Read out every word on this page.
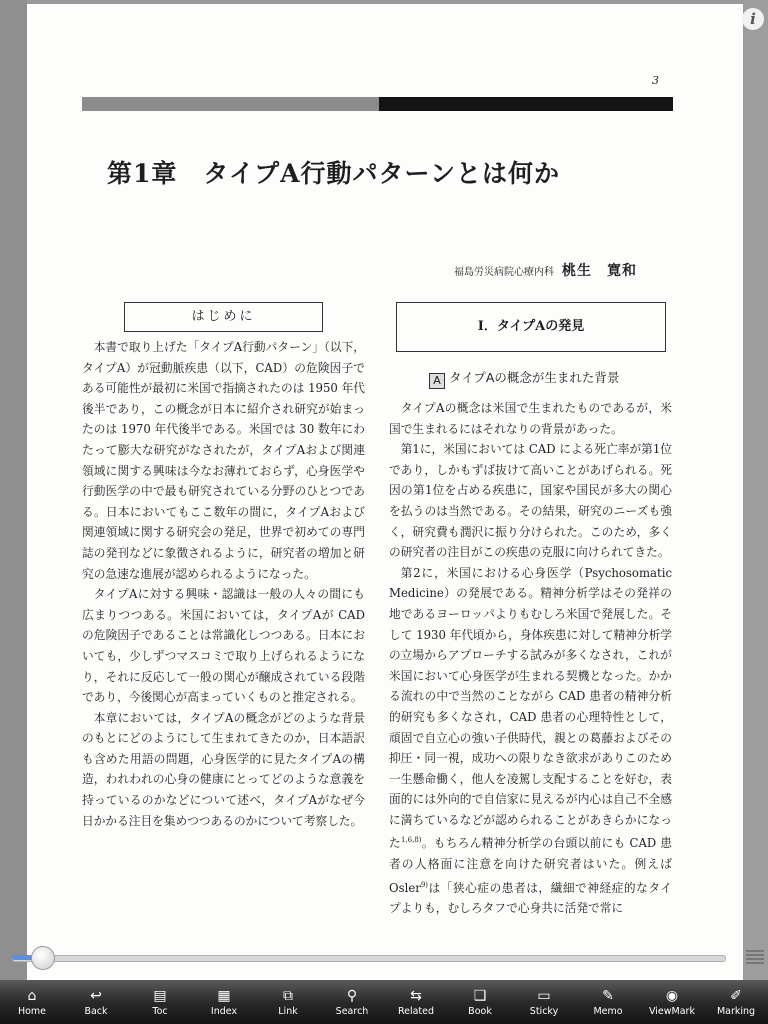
3
第1章　タイプA行動パターンとは何か
福島労災病院心療内科 桃生　寛和
はじめに
I．タイプAの発見
A タイプAの概念が生まれた背景

本書で取り上げた「タイプA行動パターン」（以下，タイプA）が冠動脈疾患（以下，CAD）の危険因子である可能性が最初に米国で指摘されたのは 1950 年代後半であり，この概念が日本に紹介され研究が始まったのは 1970 年代後半である。米国では 30 数年にわたって膨大な研究がなされたが，タイプAおよび関連領域に関する興味は今なお薄れておらず，心身医学や行動医学の中で最も研究されている分野のひとつである。日本においてもここ数年の間に，タイプAおよび関連領域に関する研究会の発足，世界で初めての専門誌の発刊などに象徴されるように，研究者の増加と研究の急速な進展が認められるようになった。

タイプAに対する興味・認識は一般の人々の間にも広まりつつある。米国においては，タイプAが CAD の危険因子であることは常識化しつつある。日本においても，少しずつマスコミで取り上げられるようになり，それに反応して一般の関心が醸成されている段階であり，今後関心が高まっていくものと推定される。

本章においては，タイプAの概念がどのような背景のもとにどのようにして生まれてきたのか，日本語訳も含めた用語の問題，心身医学的に見たタイプAの構造，われわれの心身の健康にとってどのような意義を持っているのかなどについて述べ，タイプAがなぜ今日かかる注目を集めつつあるのかについて考察した。

タイプAの概念は米国で生まれたものであるが，米国で生まれるにはそれなりの背景があった。

第1に，米国においては CAD による死亡率が第1位であり，しかもずば抜けて高いことがあげられる。死因の第1位を占める疾患に，国家や国民が多大の関心を払うのは当然である。その結果，研究のニーズも強く，研究費も潤沢に振り分けられた。このため，多くの研究者の注目がこの疾患の克服に向けられてきた。

第2に，米国における心身医学（Psychosomatic Medicine）の発展である。精神分析学はその発祥の地であるヨーロッパよりもむしろ米国で発展した。そして 1930 年代頃から，身体疾患に対して精神分析学の立場からアプローチする試みが多くなされ，これが米国において心身医学が生まれる契機となった。かかる流れの中で当然のことながら CAD 患者の精神分析的研究も多くなされ，CAD 患者の心理特性として，頑固で自立心の強い子供時代，親との葛藤およびその抑圧・同一視，成功への限りなき欲求がありこのため一生懸命働く，他人を凌駕し支配することを好む，表面的には外向的で自信家に見えるが内心は自己不全感に満ちているなどが認められることがあきらかになった$^{1,6,8)}$。もちろん精神分析学の台頭以前にも CAD 患者の人格面に注意を向けた研究者はいた。例えば Osler$^{9)}$は「狭心症の患者は，繊細で神経症的なタイプよりも，むしろタフで心身共に活発で常に

i
⌂
Home
↩
Back
▤
Toc
▦
Index
⧉
Link
⚲
Search
⇆
Related
❑
Book
▭
Sticky
✎
Memo
◉
ViewMark
✐
Marking
